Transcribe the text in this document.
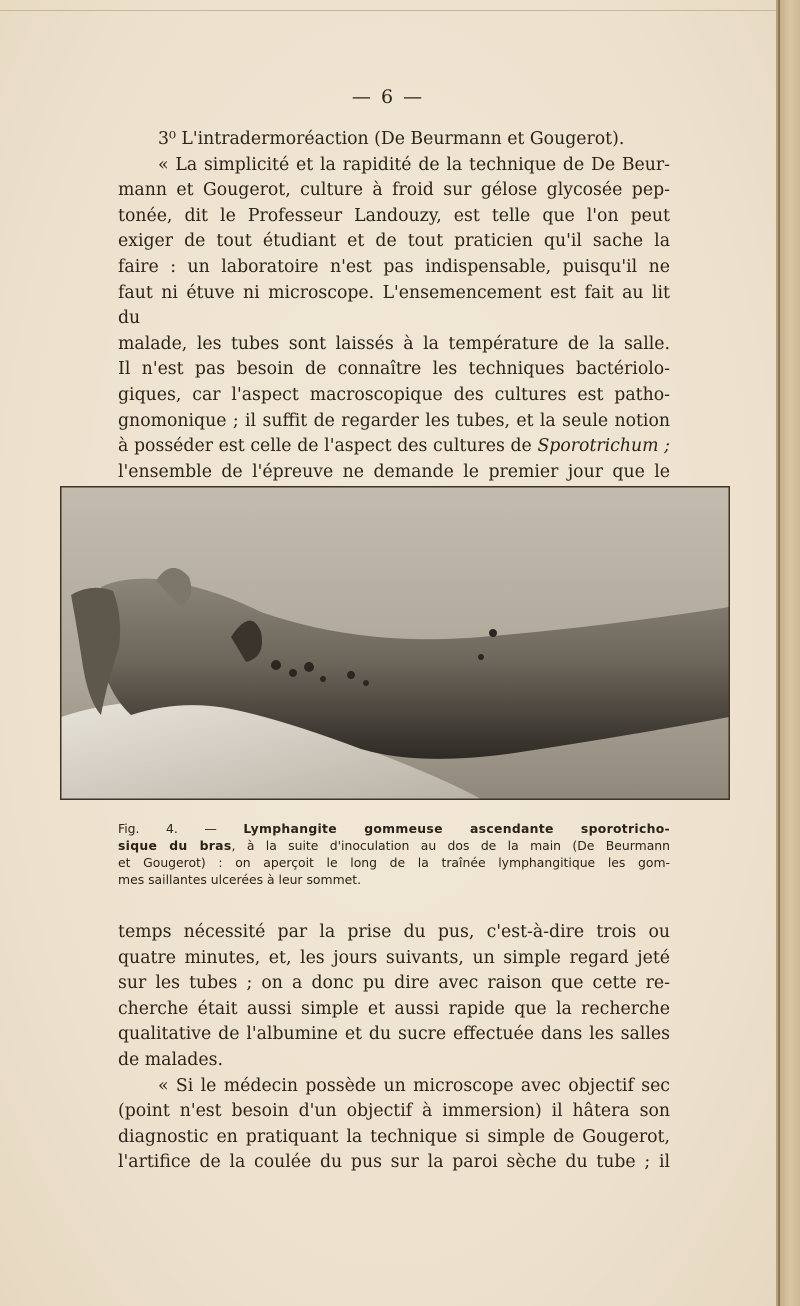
— 6 —

3⁰ L'intradermoréaction (De Beurmann et Gougerot).

« La simplicité et la rapidité de la technique de De Beur-

mann et Gougerot, culture à froid sur gélose glycosée pep-

tonée, dit le Professeur Landouzy, est telle que l'on peut

exiger de tout étudiant et de tout praticien qu'il sache la

faire : un laboratoire n'est pas indispensable, puisqu'il ne

faut ni étuve ni microscope. L'ensemencement est fait au lit du

malade, les tubes sont laissés à la température de la salle.

Il n'est pas besoin de connaître les techniques bactériolo-

giques, car l'aspect macroscopique des cultures est patho-

gnomonique ; il suffit de regarder les tubes, et la seule notion

à posséder est celle de l'aspect des cultures de Sporotrichum ;

l'ensemble de l'épreuve ne demande le premier jour que le

Fig. 4. — Lymphangite gommeuse ascendante sporotricho-
sique du bras, à la suite d'inoculation au dos de la main (De Beurmann
et Gougerot) : on aperçoit le long de la traînée lymphangitique les gom-
mes saillantes ulcerées à leur sommet.

temps nécessité par la prise du pus, c'est-à-dire trois ou

quatre minutes, et, les jours suivants, un simple regard jeté

sur les tubes ; on a donc pu dire avec raison que cette re-

cherche était aussi simple et aussi rapide que la recherche

qualitative de l'albumine et du sucre effectuée dans les salles

de malades.

« Si le médecin possède un microscope avec objectif sec

(point n'est besoin d'un objectif à immersion) il hâtera son

diagnostic en pratiquant la technique si simple de Gougerot,

l'artifice de la coulée du pus sur la paroi sèche du tube ; il
